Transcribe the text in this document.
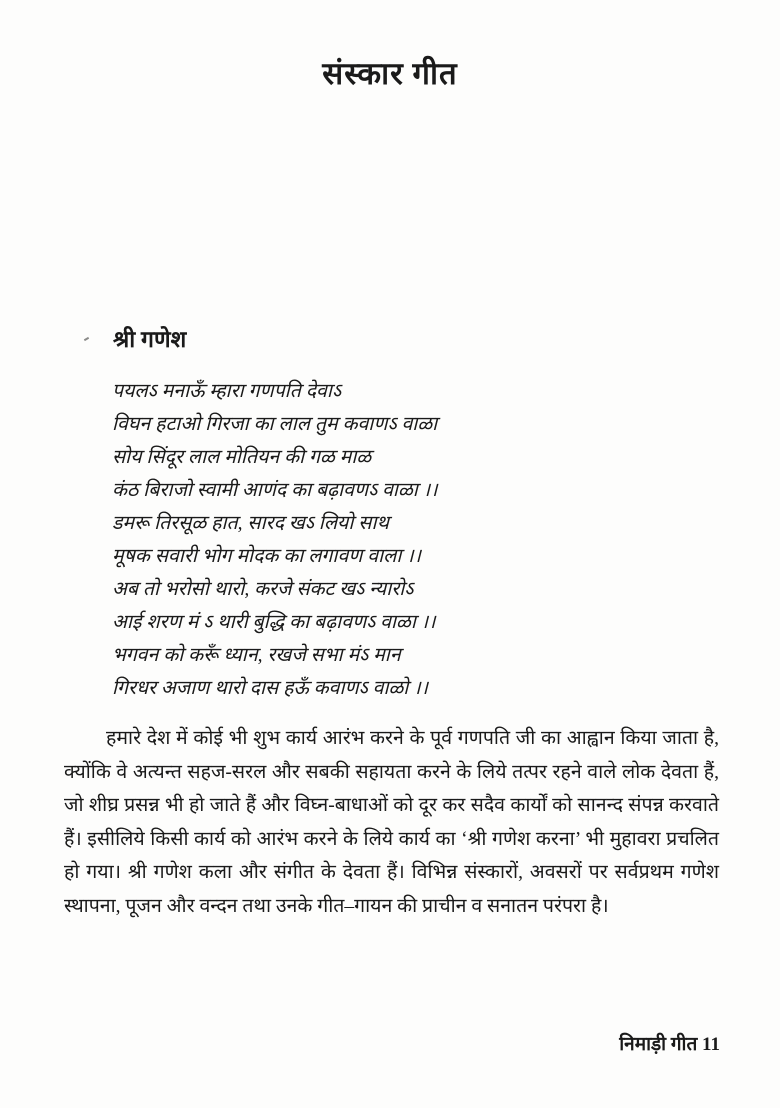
संस्कार गीत
श्री गणेश
पयलऽ मनाऊँ म्हारा गणपति देवाऽ
विघन हटाओ गिरजा का लाल तुम कवाणऽ वाळा
सोय सिंदूर लाल मोतियन की गळ माळ
कंठ बिराजो स्वामी आणंद का बढ़ावणऽ वाळा ।।
डमरू तिरसूळ हात, सारद खऽ लियो साथ
मूषक सवारी भोग मोदक का लगावण वाला ।।
अब तो भरोसो थारो, करजे संकट खऽ न्यारोऽ
आई शरण मं ऽ थारी बुद्धि का बढ़ावणऽ वाळा ।।
भगवन को करूँ ध्यान, रखजे सभा मंऽ मान
गिरधर अजाण थारो दास हऊँ कवाणऽ वाळो ।।

हमारे देश में कोई भी शुभ कार्य आरंभ करने के पूर्व गणपति जी का आह्वान किया जाता है, क्योंकि वे अत्यन्त सहज-सरल और सबकी सहायता करने के लिये तत्पर रहने वाले लोक देवता हैं, जो शीघ्र प्रसन्न भी हो जाते हैं और विघ्न-बाधाओं को दूर कर सदैव कार्यों को सानन्द संपन्न करवाते हैं। इसीलिये किसी कार्य को आरंभ करने के लिये कार्य का ‘श्री गणेश करना’ भी मुहावरा प्रचलित हो गया। श्री गणेश कला और संगीत के देवता हैं। विभिन्न संस्कारों, अवसरों पर सर्वप्रथम गणेश स्थापना, पूजन और वन्दन तथा उनके गीत–गायन की प्राचीन व सनातन परंपरा है।

निमाड़ी गीत 11
